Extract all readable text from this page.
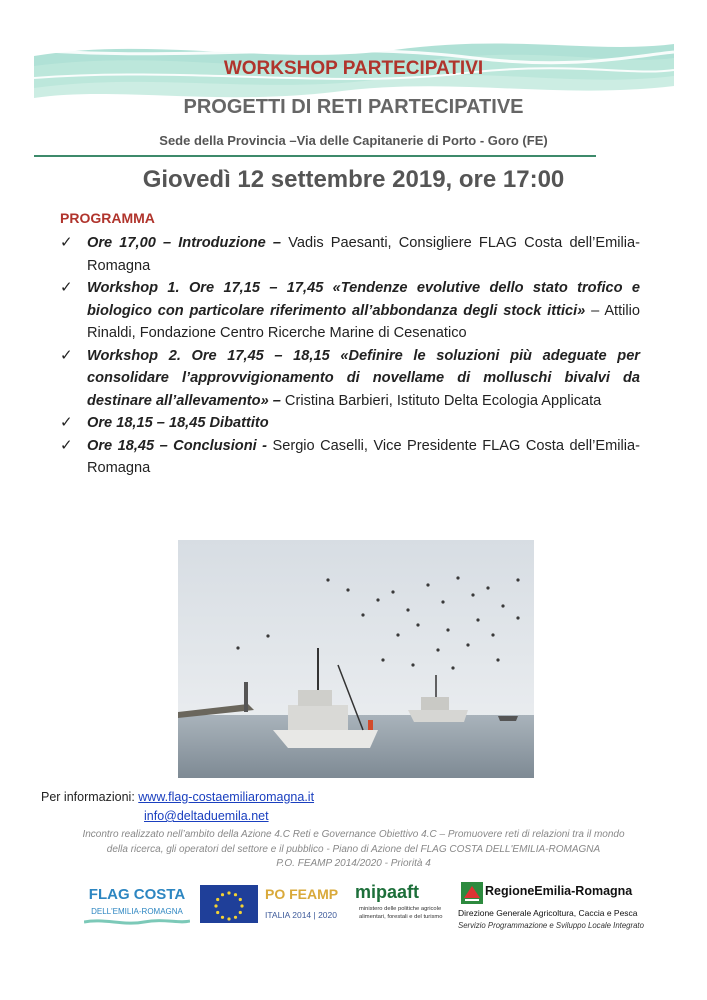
WORKSHOP PARTECIPATIVI
PROGETTI DI RETI PARTECIPATIVE
Sede della Provincia –Via delle Capitanerie di Porto - Goro (FE)
Giovedì 12 settembre 2019, ore 17:00
PROGRAMMA
✓ Ore 17,00 – Introduzione – Vadis Paesanti, Consigliere FLAG Costa dell’Emilia-Romagna
✓ Workshop 1. Ore 17,15 – 17,45 «Tendenze evolutive dello stato trofico e biologico con particolare riferimento all’abbondanza degli stock ittici» – Attilio Rinaldi, Fondazione Centro Ricerche Marine di Cesenatico
✓ Workshop 2. Ore 17,45 – 18,15 «Definire le soluzioni più adeguate per consolidare l’approvvigionamento di novellame di molluschi bivalvi da destinare all’allevamento» – Cristina Barbieri, Istituto Delta Ecologia Applicata
✓ Ore 18,15 – 18,45 Dibattito
✓ Ore 18,45 – Conclusioni - Sergio Caselli, Vice Presidente FLAG Costa dell’Emilia-Romagna
Per informazioni: www.flag-costaemiliaromagna.it
info@deltaduemila.net
Incontro realizzato nell’ambito della Azione 4.C Reti e Governance Obiettivo 4.C – Promuovere reti di relazioni tra il mondo
della ricerca, gli operatori del settore e il pubblico - Piano di Azione del FLAG COSTA DELL'EMILIA-ROMAGNA
P.O. FEAMP 2014/2020 - Priorità 4
FLAG COSTA
DELL'EMILIA-ROMAGNA
PO FEAMP
ITALIA 2014 | 2020
mipaaft
ministero delle politiche agricole alimentari, forestali e del turismo
RegioneEmilia-Romagna
Direzione Generale Agricoltura, Caccia e Pesca
Servizio Programmazione e Sviluppo Locale Integrato
